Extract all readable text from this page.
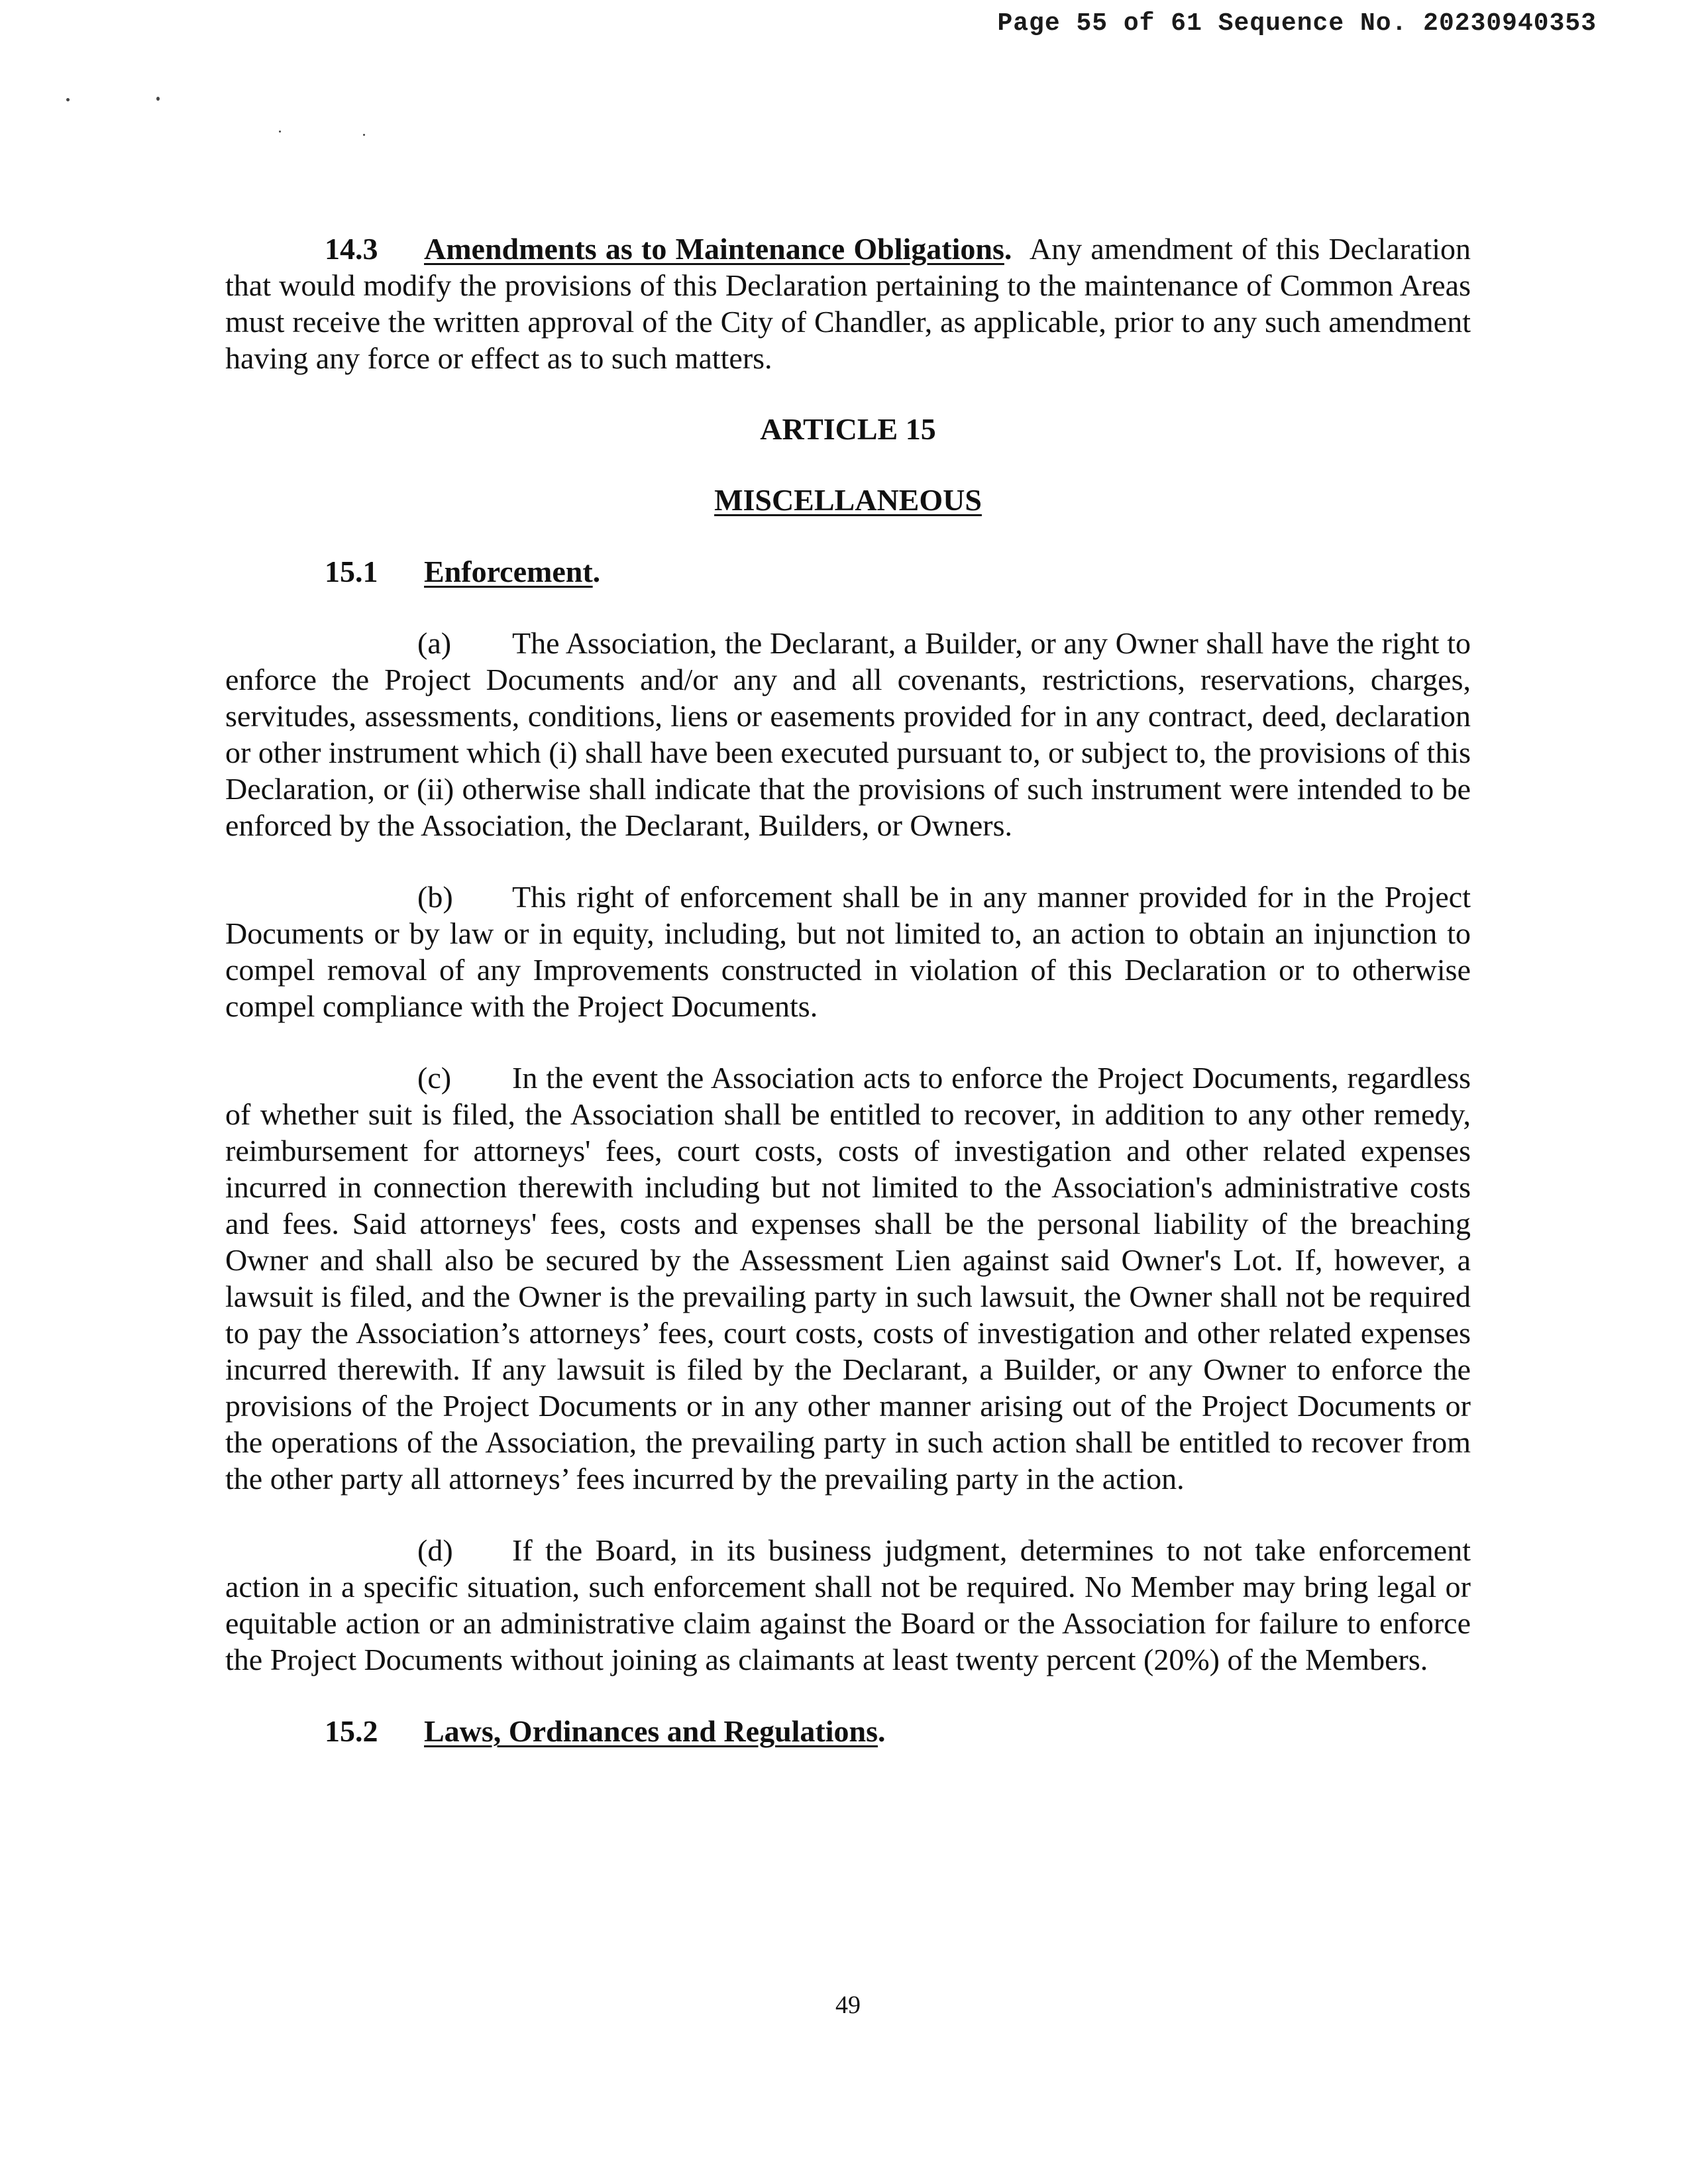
Page 55 of 61 Sequence No. 20230940353

14.3 Amendments as to Maintenance Obligations. Any amendment of this Declaration that would modify the provisions of this Declaration pertaining to the maintenance of Common Areas must receive the written approval of the City of Chandler, as applicable, prior to any such amendment having any force or effect as to such matters.

ARTICLE 15

MISCELLANEOUS

15.1 Enforcement.

(a) The Association, the Declarant, a Builder, or any Owner shall have the right to enforce the Project Documents and/or any and all covenants, restrictions, reservations, charges, servitudes, assessments, conditions, liens or easements provided for in any contract, deed, declaration or other instrument which (i) shall have been executed pursuant to, or subject to, the provisions of this Declaration, or (ii) otherwise shall indicate that the provisions of such instrument were intended to be enforced by the Association, the Declarant, Builders, or Owners.

(b) This right of enforcement shall be in any manner provided for in the Project Documents or by law or in equity, including, but not limited to, an action to obtain an injunction to compel removal of any Improvements constructed in violation of this Declaration or to otherwise compel compliance with the Project Documents.

(c) In the event the Association acts to enforce the Project Documents, regardless of whether suit is filed, the Association shall be entitled to recover, in addition to any other remedy, reimbursement for attorneys' fees, court costs, costs of investigation and other related expenses incurred in connection therewith including but not limited to the Association's administrative costs and fees. Said attorneys' fees, costs and expenses shall be the personal liability of the breaching Owner and shall also be secured by the Assessment Lien against said Owner's Lot. If, however, a lawsuit is filed, and the Owner is the prevailing party in such lawsuit, the Owner shall not be required to pay the Association’s attorneys’ fees, court costs, costs of investigation and other related expenses incurred therewith. If any lawsuit is filed by the Declarant, a Builder, or any Owner to enforce the provisions of the Project Documents or in any other manner arising out of the Project Documents or the operations of the Association, the prevailing party in such action shall be entitled to recover from the other party all attorneys’ fees incurred by the prevailing party in the action.

(d) If the Board, in its business judgment, determines to not take enforcement action in a specific situation, such enforcement shall not be required. No Member may bring legal or equitable action or an administrative claim against the Board or the Association for failure to enforce the Project Documents without joining as claimants at least twenty percent (20%) of the Members.

15.2 Laws, Ordinances and Regulations.

49
